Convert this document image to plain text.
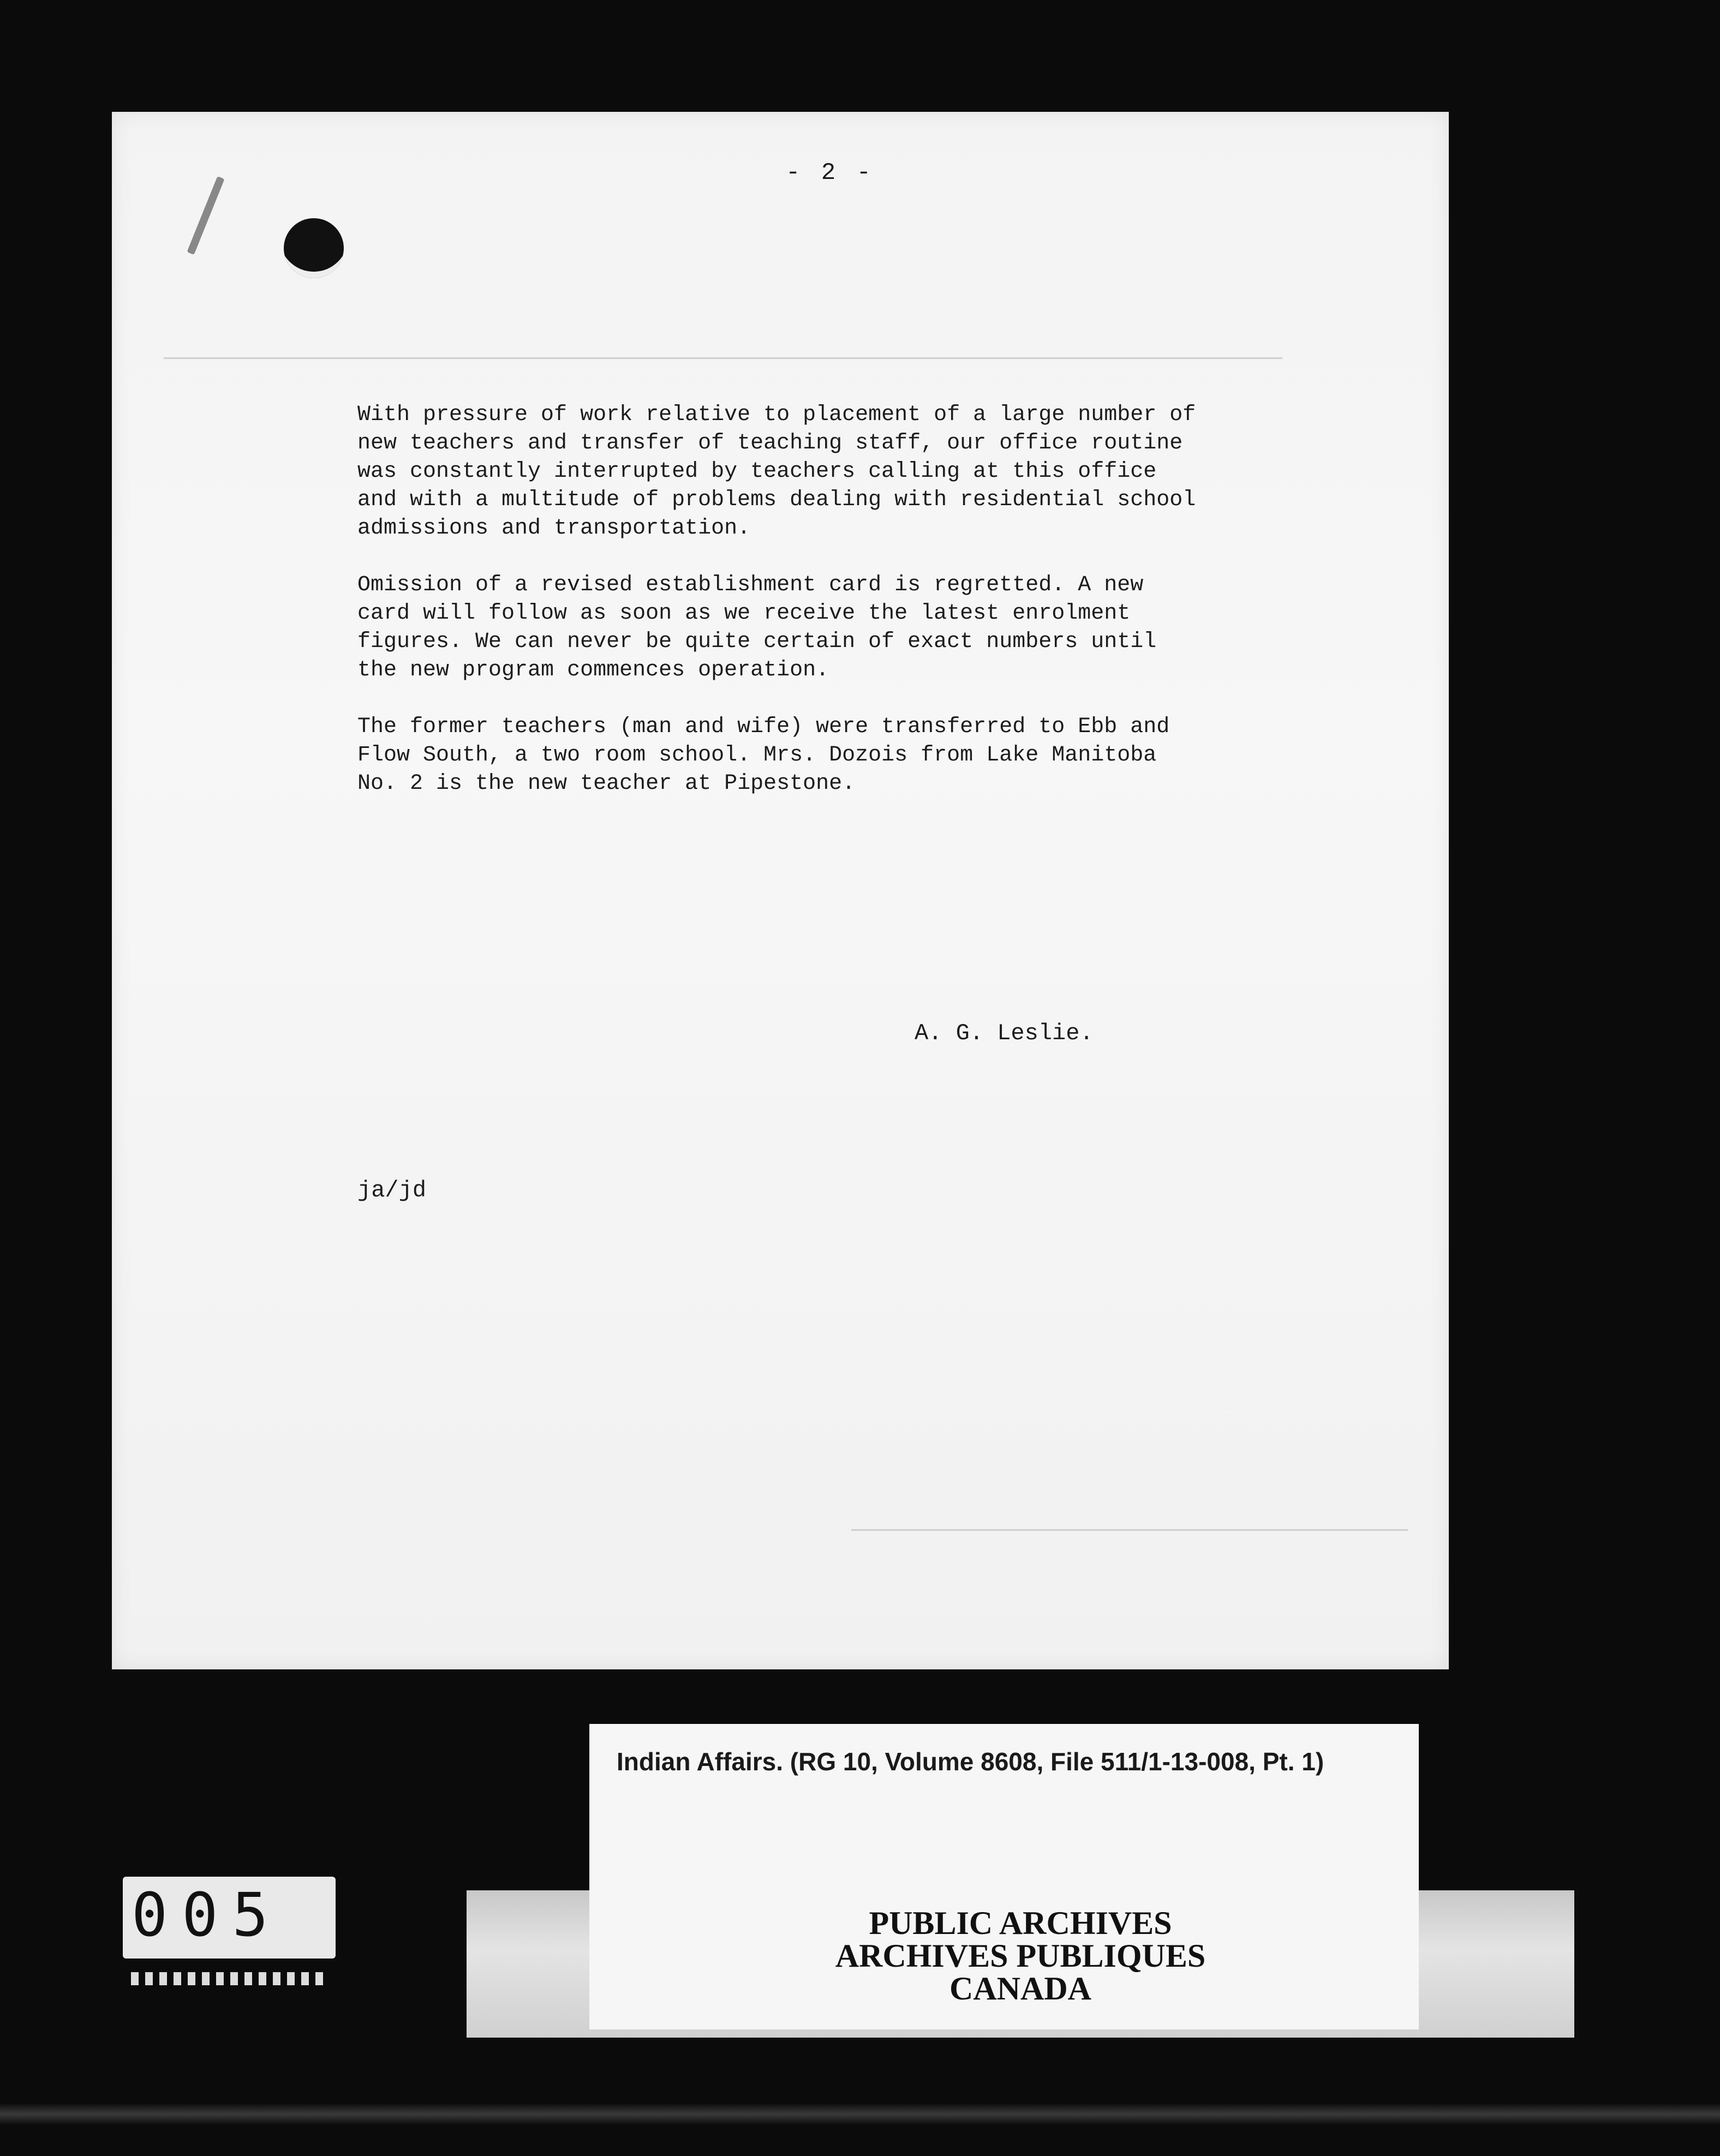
- 2 -

With pressure of work relative to placement of a large number of
new teachers and transfer of teaching staff, our office routine
was constantly interrupted by teachers calling at this office
and with a multitude of problems dealing with residential school
admissions and transportation.

Omission of a revised establishment card is regretted. A new
card will follow as soon as we receive the latest enrolment
figures. We can never be quite certain of exact numbers until
the new program commences operation.

The former teachers (man and wife) were transferred to Ebb and
Flow South, a two room school. Mrs. Dozois from Lake Manitoba
No. 2 is the new teacher at Pipestone.

A. G. Leslie.
ja/jd
Indian Affairs. (RG 10, Volume 8608, File 511/1-13-008, Pt. 1)
PUBLIC ARCHIVES
ARCHIVES PUBLIQUES
CANADA
005
